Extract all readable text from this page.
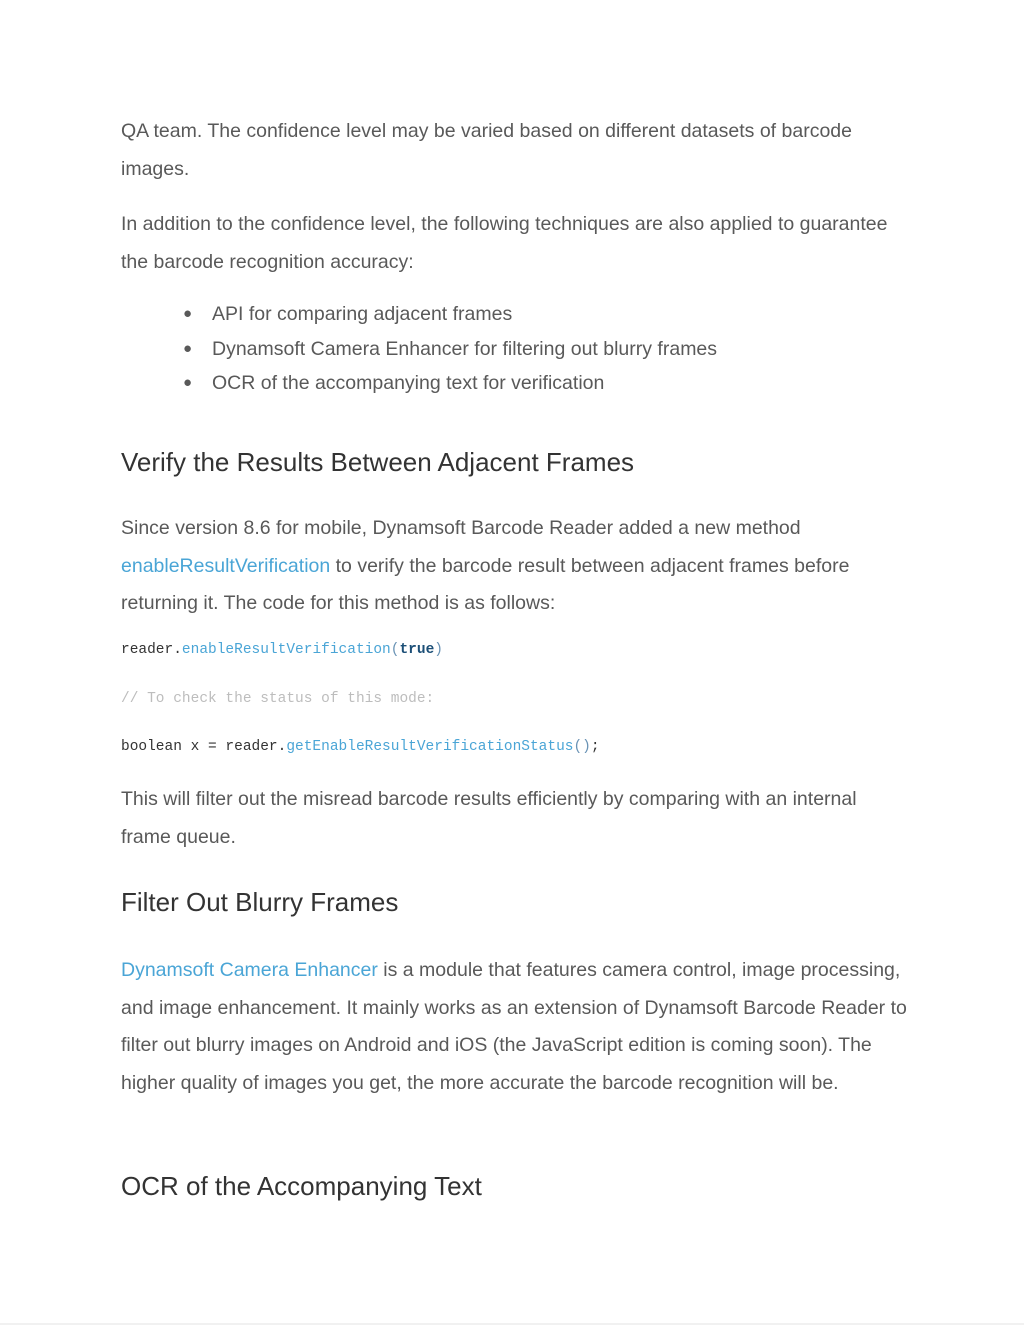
QA team. The confidence level may be varied based on different datasets of barcode images.

In addition to the confidence level, the following techniques are also applied to guarantee the barcode recognition accuracy:

● API for comparing adjacent frames
● Dynamsoft Camera Enhancer for filtering out blurry frames
● OCR of the accompanying text for verification
Verify the Results Between Adjacent Frames

Since version 8.6 for mobile, Dynamsoft Barcode Reader added a new method enableResultVerification to verify the barcode result between adjacent frames before returning it. The code for this method is as follows:

reader.enableResultVerification(true)
// To check the status of this mode:
boolean x = reader.getEnableResultVerificationStatus();

This will filter out the misread barcode results efficiently by comparing with an internal frame queue.

Filter Out Blurry Frames

Dynamsoft Camera Enhancer is a module that features camera control, image processing, and image enhancement. It mainly works as an extension of Dynamsoft Barcode Reader to filter out blurry images on Android and iOS (the JavaScript edition is coming soon). The higher quality of images you get, the more accurate the barcode recognition will be.

OCR of the Accompanying Text
